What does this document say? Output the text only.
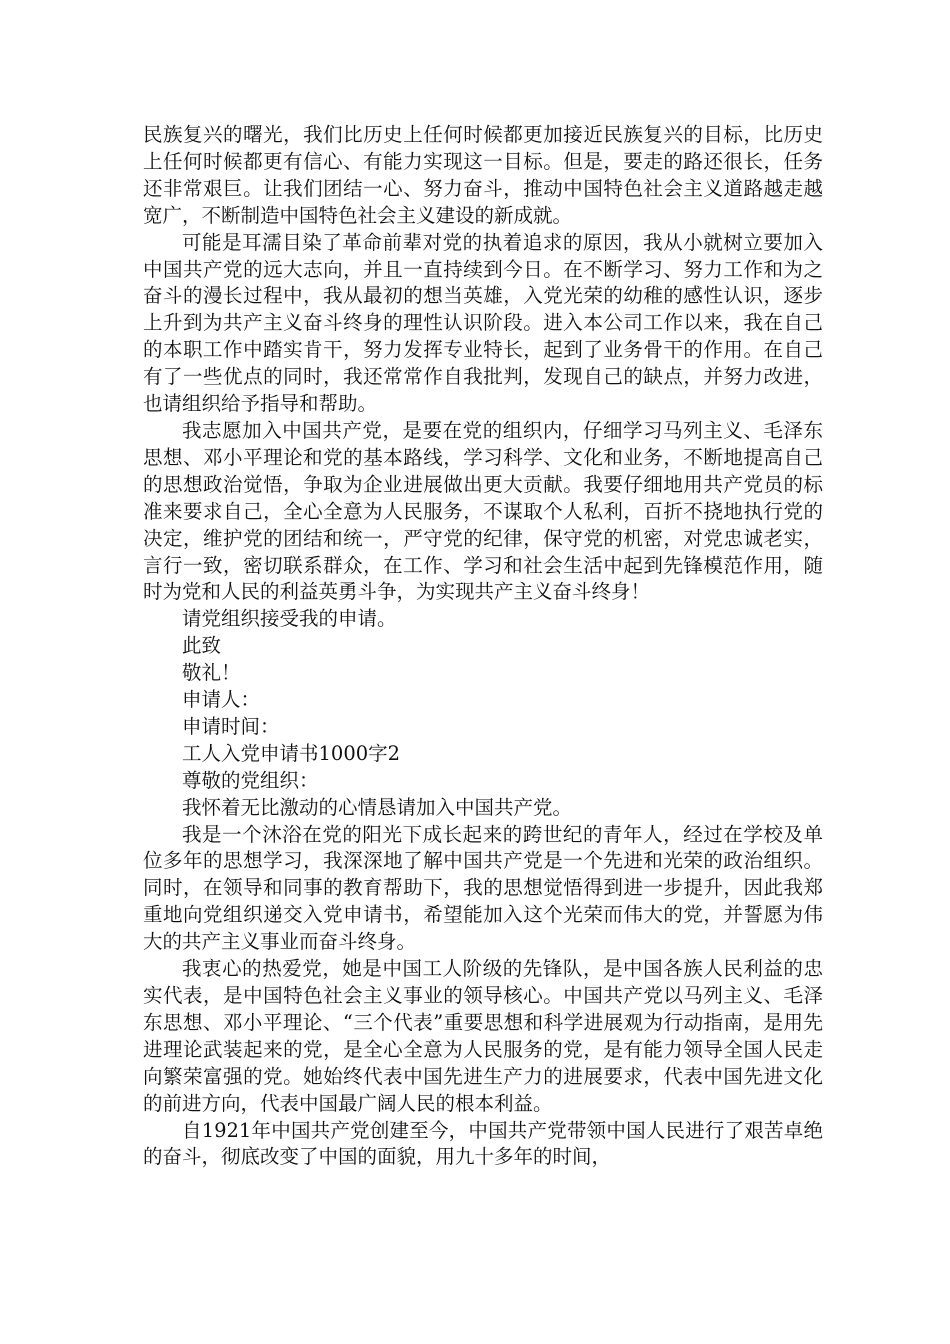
民族复兴的曙光，我们比历史上任何时候都更加接近民族复兴的目标，比历史上任何时候都更有信心、有能力实现这一目标。但是，要走的路还很长，任务还非常艰巨。让我们团结一心、努力奋斗，推动中国特色社会主义道路越走越宽广，不断制造中国特色社会主义建设的新成就。

可能是耳濡目染了革命前辈对党的执着追求的原因，我从小就树立要加入中国共产党的远大志向，并且一直持续到今日。在不断学习、努力工作和为之奋斗的漫长过程中，我从最初的想当英雄，入党光荣的幼稚的感性认识，逐步上升到为共产主义奋斗终身的理性认识阶段。进入本公司工作以来，我在自己的本职工作中踏实肯干，努力发挥专业特长，起到了业务骨干的作用。在自己有了一些优点的同时，我还常常作自我批判，发现自己的缺点，并努力改进，也请组织给予指导和帮助。

我志愿加入中国共产党，是要在党的组织内，仔细学习马列主义、毛泽东思想、邓小平理论和党的基本路线，学习科学、文化和业务，不断地提高自己的思想政治觉悟，争取为企业进展做出更大贡献。我要仔细地用共产党员的标准来要求自己，全心全意为人民服务，不谋取个人私利，百折不挠地执行党的决定，维护党的团结和统一，严守党的纪律，保守党的机密，对党忠诚老实，言行一致，密切联系群众，在工作、学习和社会生活中起到先锋模范作用，随时为党和人民的利益英勇斗争，为实现共产主义奋斗终身！

请党组织接受我的申请。

此致

敬礼！

申请人：

申请时间：

工人入党申请书1000字2

尊敬的党组织：

我怀着无比激动的心情恳请加入中国共产党。

我是一个沐浴在党的阳光下成长起来的跨世纪的青年人，经过在学校及单位多年的思想学习，我深深地了解中国共产党是一个先进和光荣的政治组织。同时，在领导和同事的教育帮助下，我的思想觉悟得到进一步提升，因此我郑重地向党组织递交入党申请书，希望能加入这个光荣而伟大的党，并誓愿为伟大的共产主义事业而奋斗终身。

我衷心的热爱党，她是中国工人阶级的先锋队，是中国各族人民利益的忠实代表，是中国特色社会主义事业的领导核心。中国共产党以马列主义、毛泽东思想、邓小平理论、“三个代表”重要思想和科学进展观为行动指南，是用先进理论武装起来的党，是全心全意为人民服务的党，是有能力领导全国人民走向繁荣富强的党。她始终代表中国先进生产力的进展要求，代表中国先进文化的前进方向，代表中国最广阔人民的根本利益。

自1921年中国共产党创建至今，中国共产党带领中国人民进行了艰苦卓绝的奋斗，彻底改变了中国的面貌，用九十多年的时间，
